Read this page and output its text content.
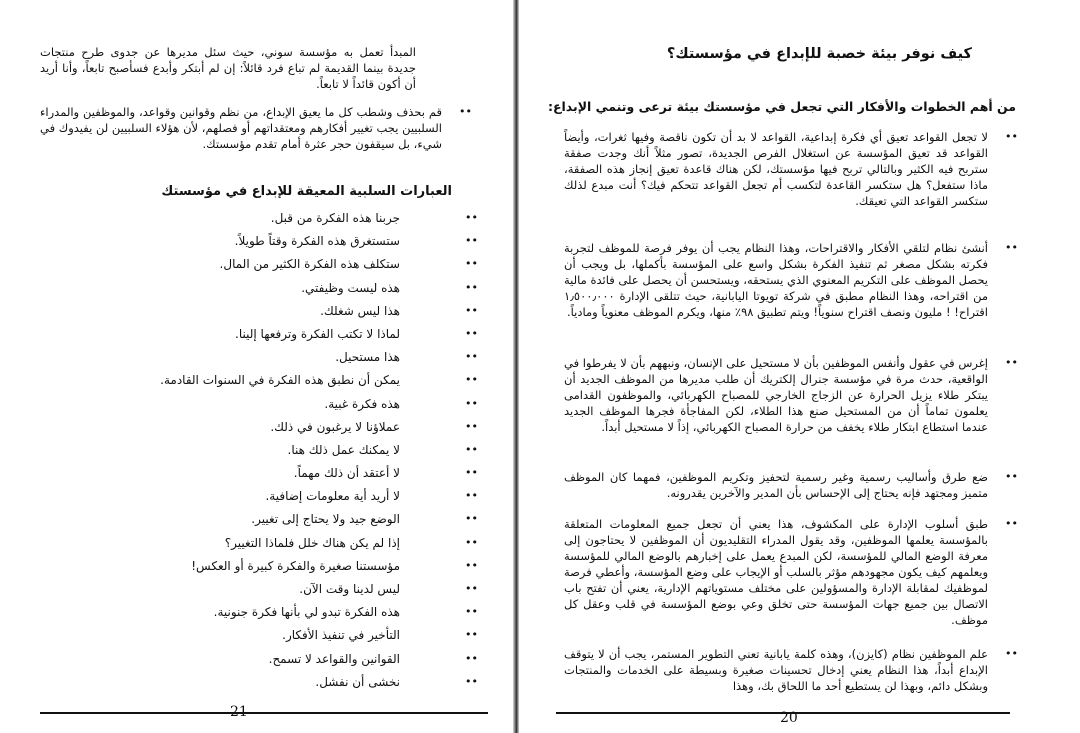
المبدأ تعمل به مؤسسة سوني، حيث سئل مديرها عن جدوى طرح منتجات جديدة بينما القديمة لم تباع فرد قائلاً: إن لم أبتكر وأبدع فسأصبح تابعاً، وأنا أريد أن أكون قائداً لا تابعاً.

••

قم بحذف وشطب كل ما يعيق الإبداع، من نظم وقوانين وقواعد، والموظفين والمدراء السلبيين يجب تغيير أفكارهم ومعتقداتهم أو فصلهم، لأن هؤلاء السلبيين لن يفيدوك في شيء، بل سيقفون حجر عثرة أمام تقدم مؤسستك.

العبارات السلبية المعيقة للإبداع في مؤسستك
••
جربنا هذه الفكرة من قبل.
••
ستستغرق هذه الفكرة وقتاً طويلاً.
••
ستكلف هذه الفكرة الكثير من المال.
••
هذه ليست وظيفتي.
••
هذا ليس شغلك.
••
لماذا لا تكتب الفكرة وترفعها إلينا.
••
هذا مستحيل.
••
يمكن أن نطبق هذه الفكرة في السنوات القادمة.
••
هذه فكرة غبية.
••
عملاؤنا لا يرغبون في ذلك.
••
لا يمكنك عمل ذلك هنا.
••
لا أعتقد أن ذلك مهماً.
••
لا أريد أية معلومات إضافية.
••
الوضع جيد ولا يحتاج إلى تغيير.
••
إذا لم يكن هناك خلل فلماذا التغيير؟
••
مؤسستنا صغيرة والفكرة كبيرة أو العكس!
••
ليس لدينا وقت الآن.
••
هذه الفكرة تبدو لي بأنها فكرة جنونية.
••
التأخير في تنفيذ الأفكار.
••
القوانين والقواعد لا تسمح.
••
نخشى أن نفشل.
21
كيف نوفر بيئة خصبة للإبداع في مؤسستك؟
من أهم الخطوات والأفكار التي تجعل في مؤسستك بيئة ترعى وتنمي الإبداع:
••

لا تجعل القواعد تعيق أي فكرة إبداعية، القواعد لا بد أن تكون ناقصة وفيها ثغرات، وأيضاً القواعد قد تعيق المؤسسة عن استغلال الفرص الجديدة، تصور مثلاً أنك وجدت صفقة ستربح فيه الكثير وبالتالي تربح فيها مؤسستك، لكن هناك قاعدة تعيق إنجاز هذه الصفقة، ماذا ستفعل؟ هل ستكسر القاعدة لتكسب أم تجعل القواعد تتحكم فيك؟ أنت مبدع لذلك ستكسر القواعد التي تعيقك.

••

أنشئ نظام لتلقي الأفكار والاقتراحات، وهذا النظام يجب أن يوفر فرصة للموظف لتجربة فكرته بشكل مصغر ثم تنفيذ الفكرة بشكل واسع على المؤسسة بأكملها، بل ويجب أن يحصل الموظف على التكريم المعنوي الذي يستحقه، ويستحسن أن يحصل على فائدة مالية من اقتراحه، وهذا النظام مطبق في شركة تويوتا اليابانية، حيث تتلقى الإدارة ١٫٥٠٠٫٠٠٠ اقتراح! ! مليون ونصف اقتراح سنوياً! ويتم تطبيق ٩٨٪ منها، ويكرم الموظف معنوياً ومادياً.

••

إغرس في عقول وأنفس الموظفين بأن لا مستحيل على الإنسان، ونبههم بأن لا يفرطوا في الواقعية، حدث مرة في مؤسسة جنرال إلكتريك أن طلب مديرها من الموظف الجديد أن يبتكر طلاء يزيل الحرارة عن الزجاج الخارجي للمصباح الكهربائي، والموظفون القدامى يعلمون تماماً أن من المستحيل صنع هذا الطلاء، لكن المفاجأة فجرها الموظف الجديد عندما استطاع ابتكار طلاء يخفف من حرارة المصباح الكهربائي، إذاً لا مستحيل أبداً.

••

ضع طرق وأساليب رسمية وغير رسمية لتحفيز وتكريم الموظفين، فمهما كان الموظف متميز ومجتهد فإنه يحتاج إلى الإحساس بأن المدير والآخرين يقدرونه.

••

طبق أسلوب الإدارة على المكشوف، هذا يعني أن تجعل جميع المعلومات المتعلقة بالمؤسسة يعلمها الموظفين، وقد يقول المدراء التقليديون أن الموظفين لا يحتاجون إلى معرفة الوضع المالي للمؤسسة، لكن المبدع يعمل على إخبارهم بالوضع المالي للمؤسسة ويعلمهم كيف يكون مجهودهم مؤثر بالسلب أو الإيجاب على وضع المؤسسة، وأعطي فرصة لموظفيك لمقابلة الإدارة والمسؤولين على مختلف مستوياتهم الإدارية، يعني أن تفتح باب الاتصال بين جميع جهات المؤسسة حتى تخلق وعي بوضع المؤسسة في قلب وعقل كل موظف.

••

علم الموظفين نظام (كايزن)، وهذه كلمة يابانية تعني التطوير المستمر، يجب أن لا يتوقف الإبداع أبداً، هذا النظام يعني إدخال تحسينات صغيرة وبسيطة على الخدمات والمنتجات وبشكل دائم، وبهذا لن يستطيع أحد ما اللحاق بك، وهذا

20
